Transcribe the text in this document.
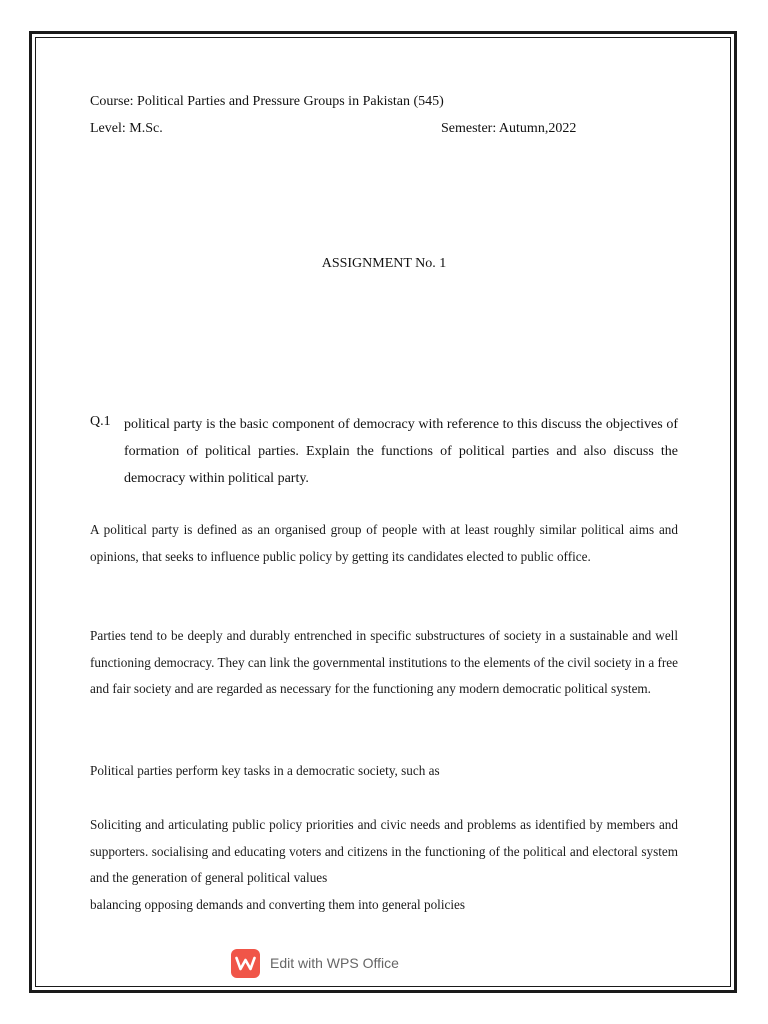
Course: Political Parties and Pressure Groups in Pakistan (545)
Level: M.Sc.	Semester: Autumn,2022
ASSIGNMENT No. 1
Q.1 political party is the basic component of democracy with reference to this discuss the objectives of formation of political parties. Explain the functions of political parties and also discuss the democracy within political party.
A political party is defined as an organised group of people with at least roughly similar political aims and opinions, that seeks to influence public policy by getting its candidates elected to public office.
Parties tend to be deeply and durably entrenched in specific substructures of society in a sustainable and well functioning democracy. They can link the governmental institutions to the elements of the civil society in a free and fair society and are regarded as necessary for the functioning any modern democratic political system.
Political parties perform key tasks in a democratic society, such as
Soliciting and articulating public policy priorities and civic needs and problems as identified by members and supporters. socialising and educating voters and citizens in the functioning of the political and electoral system and the generation of general political values
balancing opposing demands and converting them into general policies
Edit with WPS Office
